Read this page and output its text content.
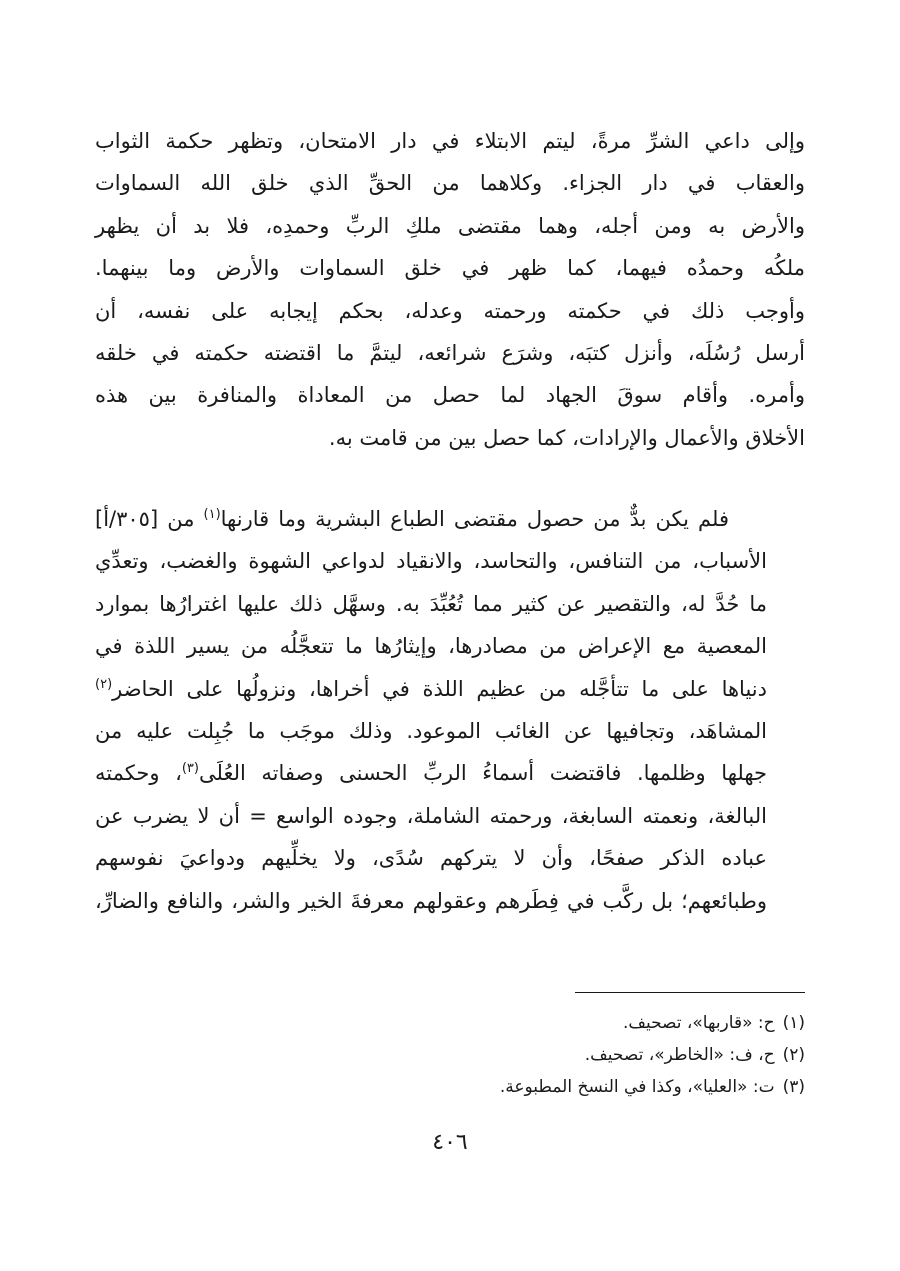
وإلى داعي الشرِّ مرةً، ليتم الابتلاء في دار الامتحان، وتظهر حكمة الثواب
والعقاب في دار الجزاء. وكلاهما من الحقِّ الذي خلق الله السماوات
والأرض به ومن أجله، وهما مقتضى ملكِ الربِّ وحمدِه، فلا بد أن يظهر
ملكُه وحمدُه فيهما، كما ظهر في خلق السماوات والأرض وما بينهما.
وأوجب ذلك في حكمته ورحمته وعدله، بحكم إيجابه على نفسه، أن
أرسل رُسُلَه، وأنزل كتبَه، وشرَع شرائعه، ليتمَّ ما اقتضته حكمته في خلقه
وأمره. وأقام سوقَ الجهاد لما حصل من المعاداة والمنافرة بين هذه
الأخلاق والأعمال والإرادات، كما حصل بين من قامت به.
فلم يكن بدٌّ من حصول مقتضى الطباع البشرية وما قارنها$^{(١)}$ من [٣٠٥/أ]
الأسباب، من التنافس، والتحاسد، والانقياد لدواعي الشهوة والغضب، وتعدِّي
ما حُدَّ له، والتقصير عن كثير مما تُعُبِّدَ به. وسهَّل ذلك عليها اغترارُها بموارد
المعصية مع الإعراض من مصادرها، وإيثارُها ما تتعجَّلُه من يسير اللذة في
دنياها على ما تتأجَّله من عظيم اللذة في أخراها، ونزولُها على الحاضر$^{(٢)}$
المشاهَد، وتجافيها عن الغائب الموعود. وذلك موجَب ما جُبِلت عليه من
جهلها وظلمها. فاقتضت أسماءُ الربِّ الحسنى وصفاته العُلَى$^{(٣)}$، وحكمته
البالغة، ونعمته السابغة، ورحمته الشاملة، وجوده الواسع = أن لا يضرب عن
عباده الذكر صفحًا، وأن لا يتركهم سُدًى، ولا يخلِّيهم ودواعيَ نفوسهم
وطبائعهم؛ بل ركَّب في فِطَرهم وعقولهم معرفةَ الخير والشر، والنافع والضارِّ،
(١)ح: «قاربها»، تصحيف.
(٢)ح، ف: «الخاطر»، تصحيف.
(٣)ت: «العليا»، وكذا في النسخ المطبوعة.
٤٠٦
